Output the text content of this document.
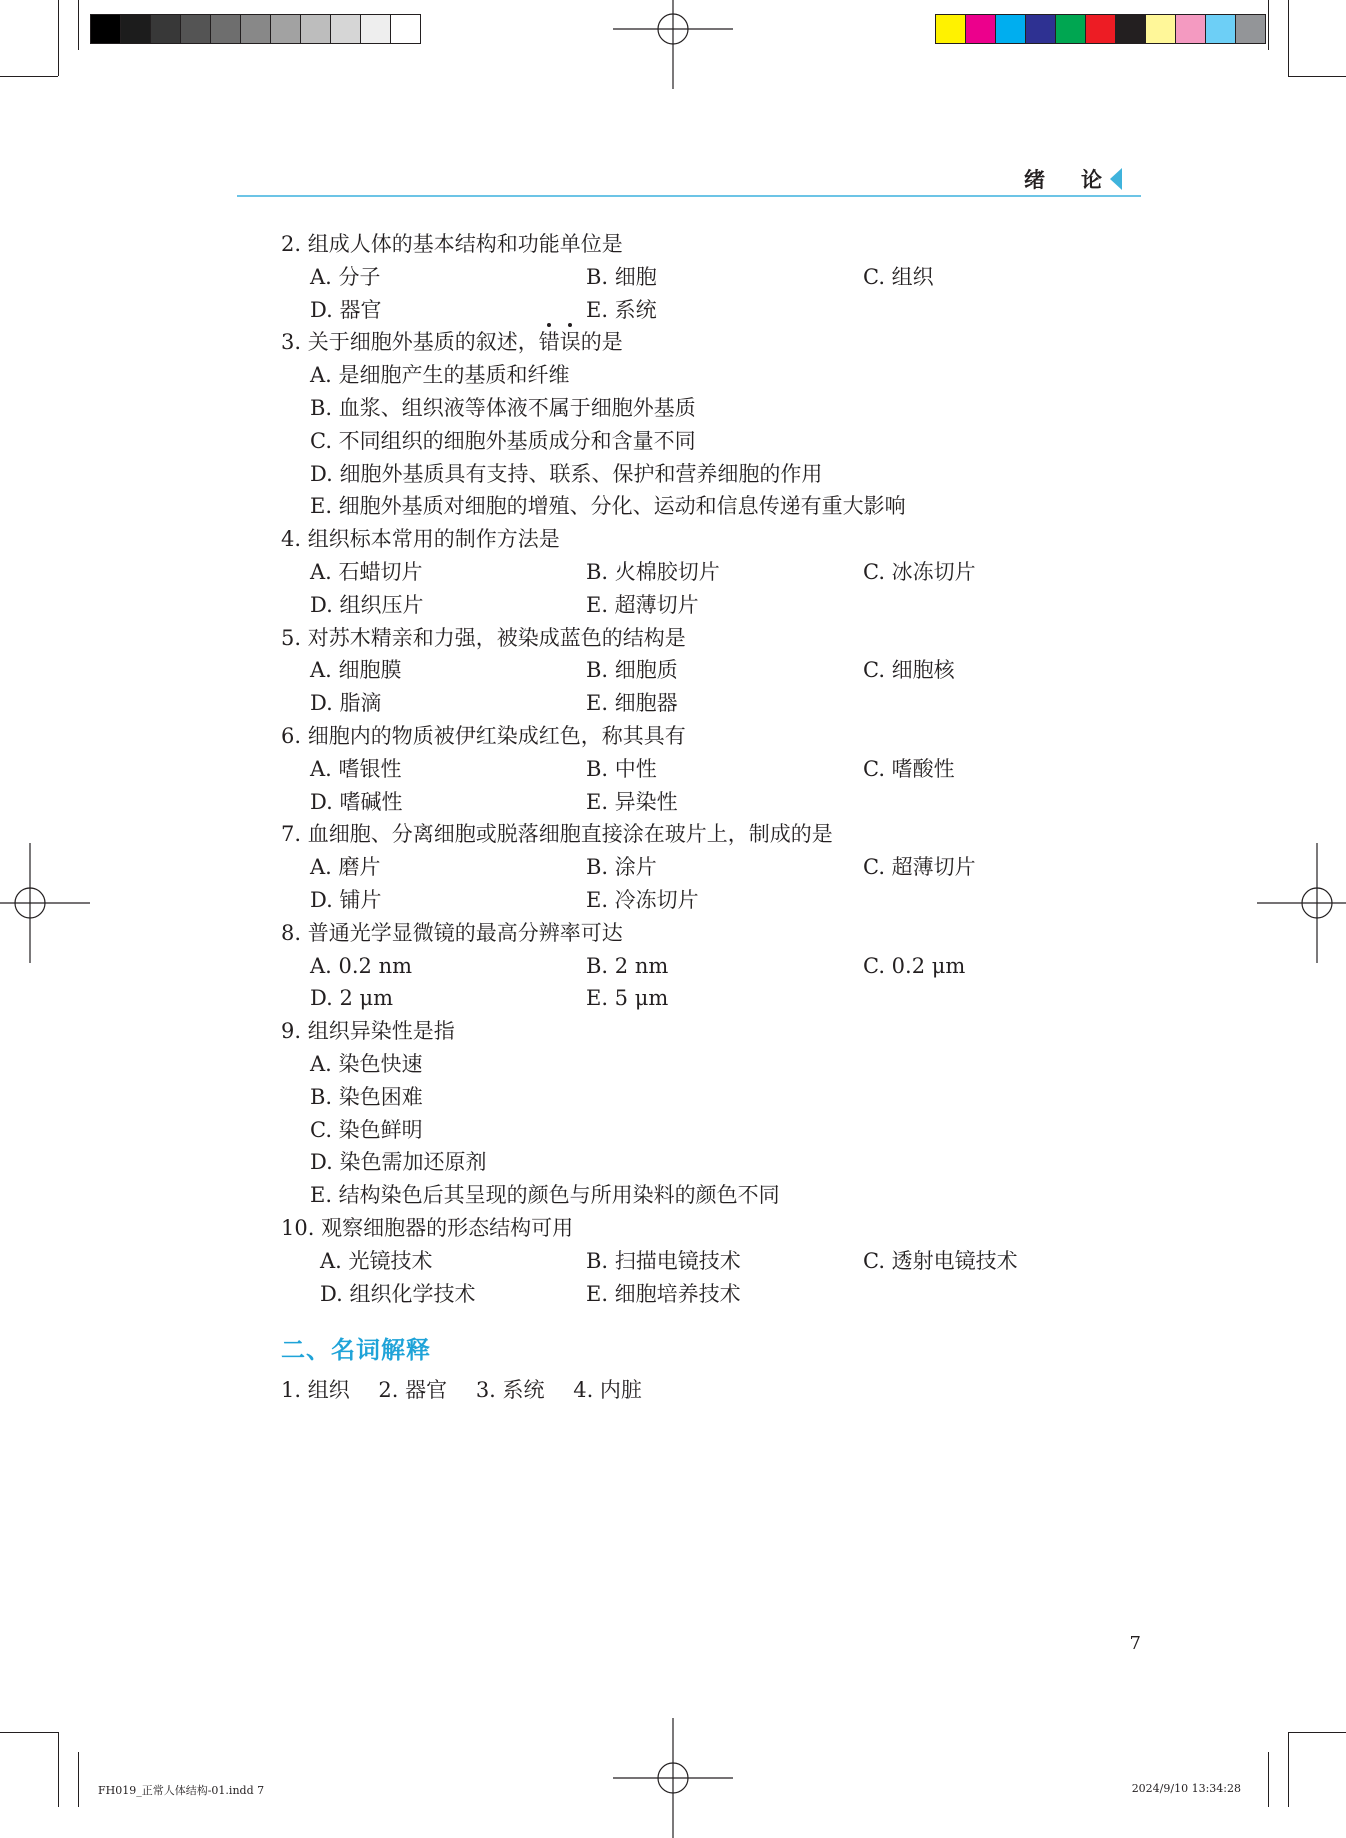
绪 论
2. 组成人体的基本结构和功能单位是
A. 分子	B. 细胞	C. 组织
D. 器官	E. 系统
3. 关于细胞外基质的叙述，错误的是
A. 是细胞产生的基质和纤维
B. 血浆、组织液等体液不属于细胞外基质
C. 不同组织的细胞外基质成分和含量不同
D. 细胞外基质具有支持、联系、保护和营养细胞的作用
E. 细胞外基质对细胞的增殖、分化、运动和信息传递有重大影响
4. 组织标本常用的制作方法是
A. 石蜡切片	B. 火棉胶切片	C. 冰冻切片
D. 组织压片	E. 超薄切片
5. 对苏木精亲和力强，被染成蓝色的结构是
A. 细胞膜	B. 细胞质	C. 细胞核
D. 脂滴	E. 细胞器
6. 细胞内的物质被伊红染成红色，称其具有
A. 嗜银性	B. 中性	C. 嗜酸性
D. 嗜碱性	E. 异染性
7. 血细胞、分离细胞或脱落细胞直接涂在玻片上，制成的是
A. 磨片	B. 涂片	C. 超薄切片
D. 铺片	E. 冷冻切片
8. 普通光学显微镜的最高分辨率可达
A. 0.2 nm	B. 2 nm	C. 0.2 μm
D. 2 μm	E. 5 μm
9. 组织异染性是指
A. 染色快速
B. 染色困难
C. 染色鲜明
D. 染色需加还原剂
E. 结构染色后其呈现的颜色与所用染料的颜色不同
10. 观察细胞器的形态结构可用
A. 光镜技术	B. 扫描电镜技术	C. 透射电镜技术
D. 组织化学技术	E. 细胞培养技术
二、名词解释
1. 组织 2. 器官 3. 系统 4. 内脏
7
FH019_正常人体结构-01.indd 7	2024/9/10 13:34:28
